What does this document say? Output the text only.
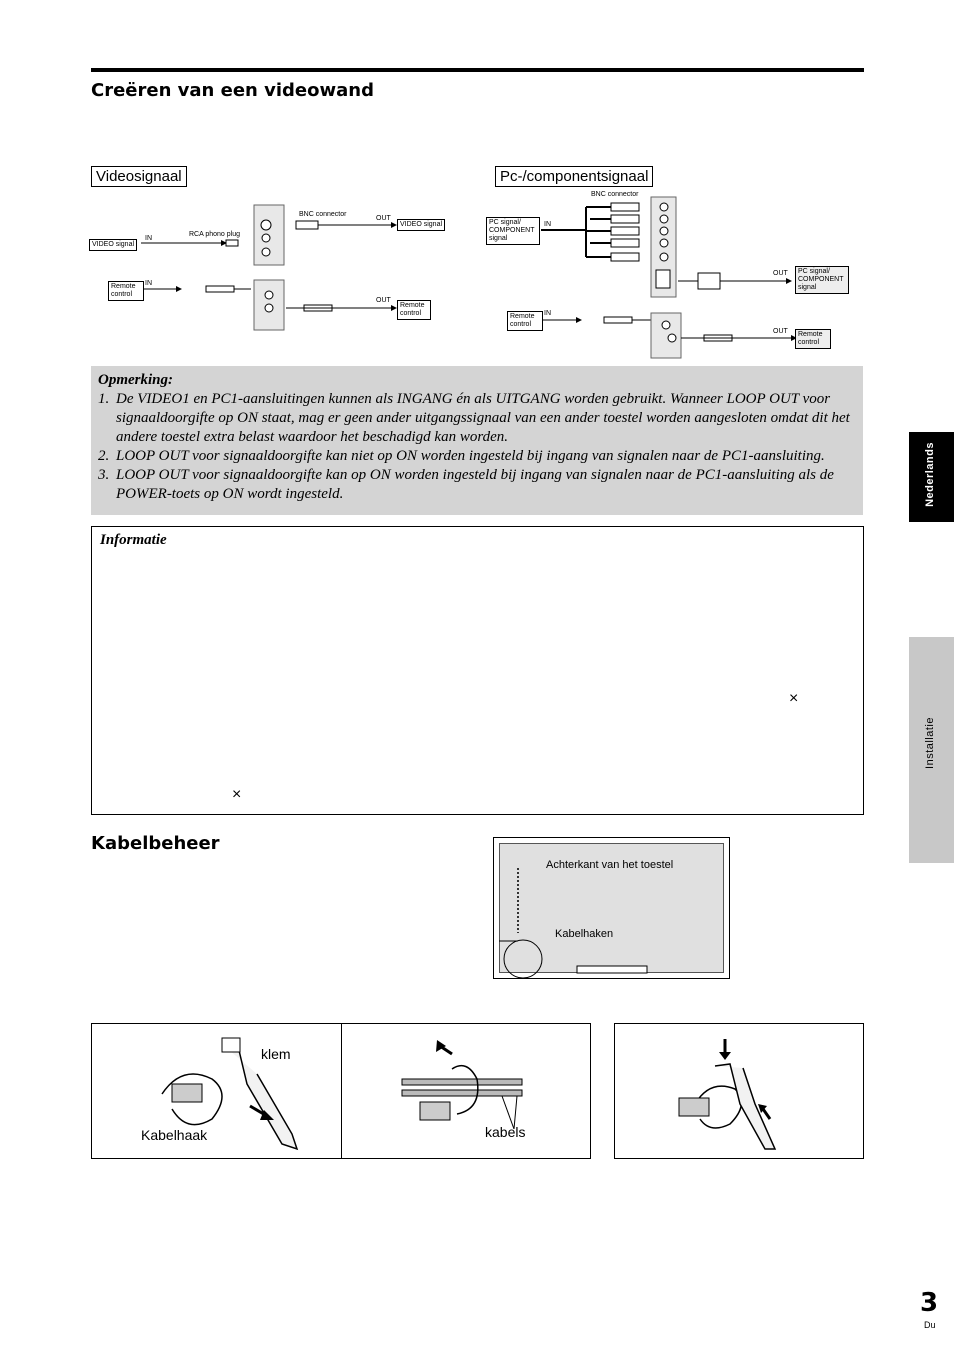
Creëren van een videowand
Videosignaal
VIDEO signal
IN
RCA phono plug
BNC connector
OUT
VIDEO signal
Remote control
IN
OUT
Remote control
Pc-/componentsignaal
BNC connector
PC signal/ COMPONENT signal
IN
OUT	PC signal/ COMPONENT signal
Remote control
IN
OUT	Remote control
Opmerking:
1. De VIDEO1 en PC1-aansluitingen kunnen als INGANG én als UITGANG worden gebruikt. Wanneer LOOP OUT voor signaaldoorgifte op ON staat, mag er geen ander uitgangssignaal van een ander toestel worden aangesloten omdat dit het andere toestel extra belast waardoor het beschadigd kan worden.
2. LOOP OUT voor signaaldoorgifte kan niet op ON worden ingesteld bij ingang van signalen naar de PC1-aansluiting.
3. LOOP OUT voor signaaldoorgifte kan op ON worden ingesteld bij ingang van signalen naar de PC1-aansluiting als de POWER-toets op ON wordt ingesteld.
Informatie
×
×
Kabelbeheer
Achterkant van het toestel
Kabelhaken
klem
Kabelhaak	kabels
Nederlands
Installatie
3
Du
